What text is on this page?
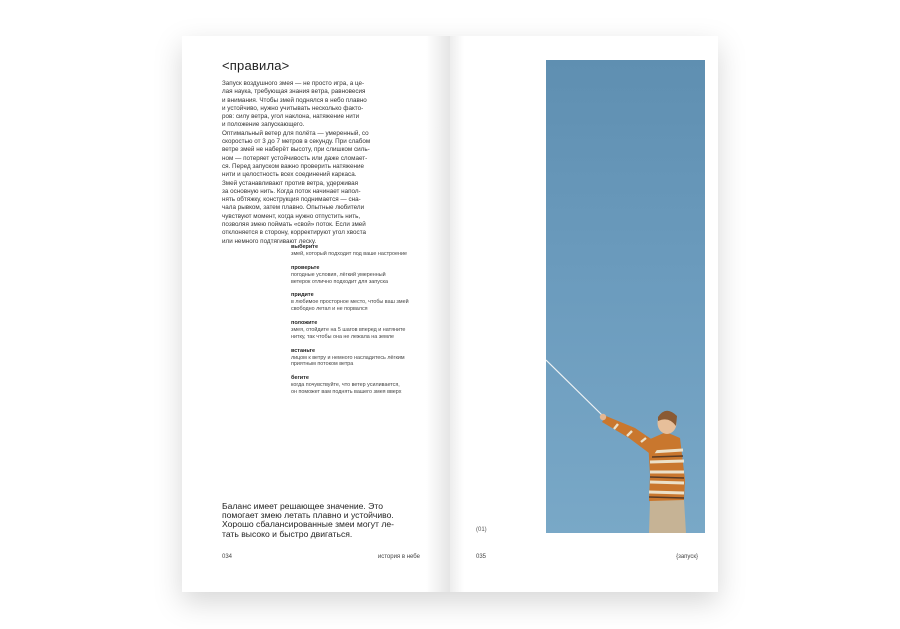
<правила>

Запуск воздушного змея — не просто игра, а це-
лая наука, требующая знания ветра, равновесия
и внимания. Чтобы змей поднялся в небо плавно
и устойчиво, нужно учитывать несколько факто-
ров: силу ветра, угол наклона, натяжение нити
и положение запускающего.
Оптимальный ветер для полёта — умеренный, со
скоростью от 3 до 7 метров в секунду. При слабом
ветре змей не наберёт высоту, при слишком силь-
ном — потеряет устойчивость или даже сломает-
ся. Перед запуском важно проверить натяжение
нити и целостность всех соединений каркаса.
Змей устанавливают против ветра, удерживая
за основную нить. Когда поток начинает напол-
нять обтяжку, конструкция поднимается — сна-
чала рывком, затем плавно. Опытные любители
чувствуют момент, когда нужно отпустить нить,
позволяя змею поймать «свой» поток. Если змей
отклоняется в сторону, корректируют угол хвоста
или немного подтягивают леску.

выберите
змей, который подходит под ваше настроение
проверьте
погодные условия, лёгкий умеренный
ветерок отлично подходит для запуска
придите
в любимое просторное место, чтобы ваш змей
свободно летал и не порвался
положите
змея, отойдите на 5 шагов вперед и натяните
нитку, так чтобы она не лежала на земле
встаньте
лицом к ветру и немного насладитесь лёгким
приятным потоком ветра
бегите
когда почувствуйте, что ветер усиливается,
он поможет вам поднять вашего змея вверх

Баланс имеет решающее значение. Это
помогает змею летать плавно и устойчиво.
Хорошо сбалансированные змеи могут ле-
тать высоко и быстро двигаться.

034	история в небе
(01)
035	{запуск}
